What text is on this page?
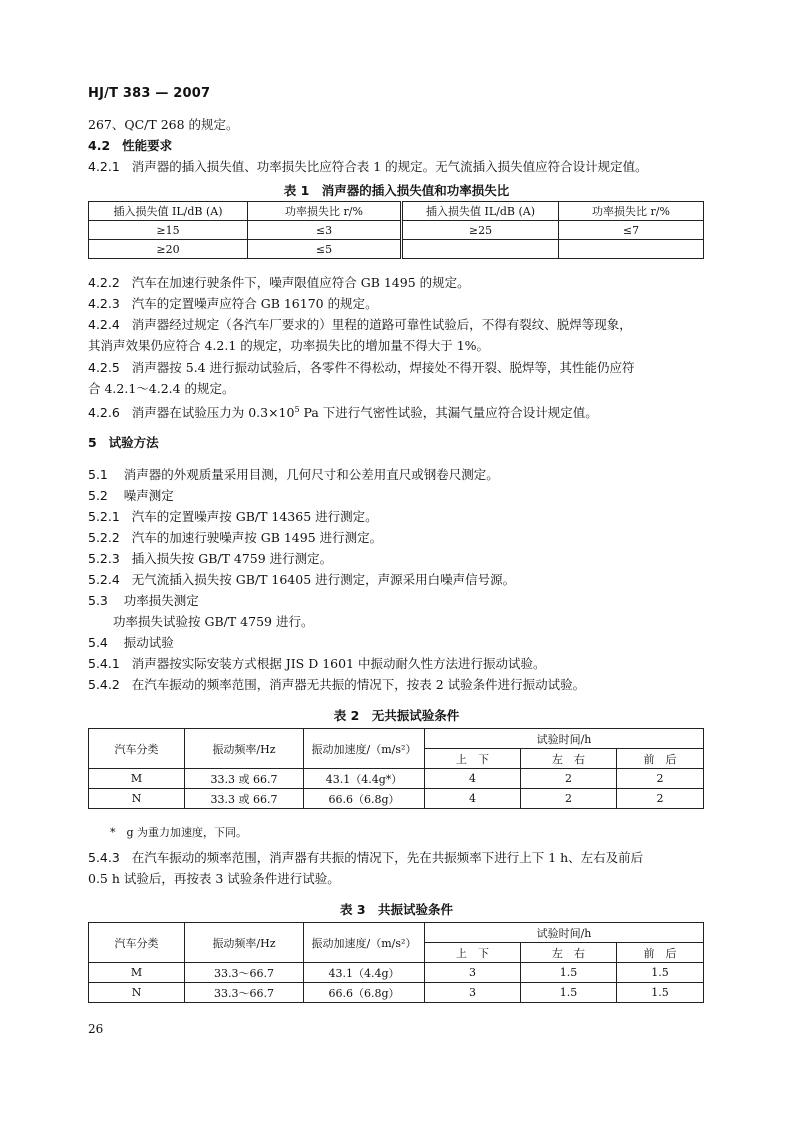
HJ/T 383 — 2007
267、QC/T 268 的规定。
4.2 性能要求
4.2.1 消声器的插入损失值、功率损失比应符合表 1 的规定。无气流插入损失值应符合设计规定值。
表 1　消声器的插入损失值和功率损失比
插入损失值 IL/dB (A)	功率损失比 r/%	插入损失值 IL/dB (A)	功率损失比 r/%
≥15	≤3	≥25	≤7
≥20	≤5		
4.2.2 汽车在加速行驶条件下，噪声限值应符合 GB 1495 的规定。
4.2.3 汽车的定置噪声应符合 GB 16170 的规定。
4.2.4 消声器经过规定（各汽车厂要求的）里程的道路可靠性试验后，不得有裂纹、脱焊等现象，
其消声效果仍应符合 4.2.1 的规定，功率损失比的增加量不得大于 1%。
4.2.5 消声器按 5.4 进行振动试验后，各零件不得松动，焊接处不得开裂、脱焊等，其性能仍应符
合 4.2.1～4.2.4 的规定。
4.2.6 消声器在试验压力为 $0.3\times 10^5$ Pa 下进行气密性试验，其漏气量应符合设计规定值。
5 试验方法
5.1 消声器的外观质量采用目测，几何尺寸和公差用直尺或钢卷尺测定。
5.2 噪声测定
5.2.1 汽车的定置噪声按 GB/T 14365 进行测定。
5.2.2 汽车的加速行驶噪声按 GB 1495 进行测定。
5.2.3 插入损失按 GB/T 4759 进行测定。
5.2.4 无气流插入损失按 GB/T 16405 进行测定，声源采用白噪声信号源。
5.3 功率损失测定
功率损失试验按 GB/T 4759 进行。
5.4 振动试验
5.4.1 消声器按实际安装方式根据 JIS D 1601 中振动耐久性方法进行振动试验。
5.4.2 在汽车振动的频率范围，消声器无共振的情况下，按表 2 试验条件进行振动试验。
表 2　无共振试验条件
汽车分类	振动频率/Hz	振动加速度/（m/s²）	试验时间/h		
			上　下	左　右	前　后
M	33.3 或 66.7	43.1（4.4g*）	4	2	2
N	33.3 或 66.7	66.6（6.8g）	4	2	2
*　g 为重力加速度，下同。
5.4.3 在汽车振动的频率范围，消声器有共振的情况下，先在共振频率下进行上下 1 h、左右及前后
0.5 h 试验后，再按表 3 试验条件进行试验。
表 3　共振试验条件
汽车分类	振动频率/Hz	振动加速度/（m/s²）	试验时间/h		
			上　下	左　右	前　后
M	33.3～66.7	43.1（4.4g）	3	1.5	1.5
N	33.3～66.7	66.6（6.8g）	3	1.5	1.5
26
